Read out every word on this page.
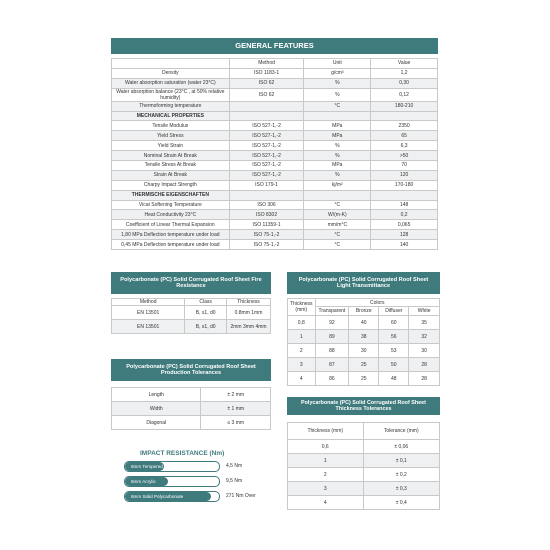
GENERAL FEATURES
	Method	Unit	Value
Density	ISO 1183-1	g/cm³	1,2
Water absorption saturation (water 23°C)	ISO 62	%	0,30
Water absorption balance (23°C , at 50% relative humidity)	ISO 62	%	0,12
Thermoforming temperature		°C	180-210
MECHANICAL PROPERTIES			
Tensile Modulus	ISO 527-1,-2	MPa	2350
Yield Stress	ISO 527-1,-2	MPa	65
Yield Strain	ISO 527-1,-2	%	6,3
Nominal Strain At Break	ISO 527-1,-2	%	>50
Tensile Stress At Break	ISO 527-1,-2	MPa	70
Strain At Break	ISO 527-1,-2	%	120
Charpy Impact Strength	ISO 179-1	kj/m²	170-180
THERMISCHE EIGENSCHAFTEN			
Vicat Softening Temperature	ISO 306	°C	148
Heat Conductivity 23°C	ISO 8302	W/(m-K)	0,2
Coefficient of Linear Thermal Expansion	ISO 11359-1	mm/m°C	0,065
1,80 MPa Deflection temperature under load	ISO 75-1,-2	°C	128
0,45 MPa Deflection temperature under load	ISO 75-1,-2	°C	140
Polycarbonate (PC) Solid Corrugated Roof Sheet Fire Resistance
Method	Class	Thickness
EN 13501	B, s1, d0	0.8mm 1mm
EN 13501	B, s1, d0	2mm 3mm 4mm
Polycarbonate (PC) Solid Corrugated Roof Sheet Production Tolerances
Length	± 2 mm
Width	± 1 mm
Diagonal	≤ 3 mm
Polycarbonate (PC) Solid Corrugated Roof Sheet Light Transmittance
Thickness (mm)	Colors			
	Transparent	Bronze	Diffuser	White
0,8	92	40	60	35
1	89	38	56	32
2	88	30	53	30
3	87	25	50	28
4	86	25	48	28
Polycarbonate (PC) Solid Corrugated Roof Sheet Thickness Tolerances
Thickness (mm)	Tolerance (mm)
0,6	± 0,06
1	± 0,1
2	± 0,2
3	± 0,3
4	± 0,4
IMPACT RESISTANCE (Nm)
6mm Tempered Glass	4,5 Nm
6mm Acrylic	9,5 Nm
6mm Solid Polycarbonate	271 Nm Over
